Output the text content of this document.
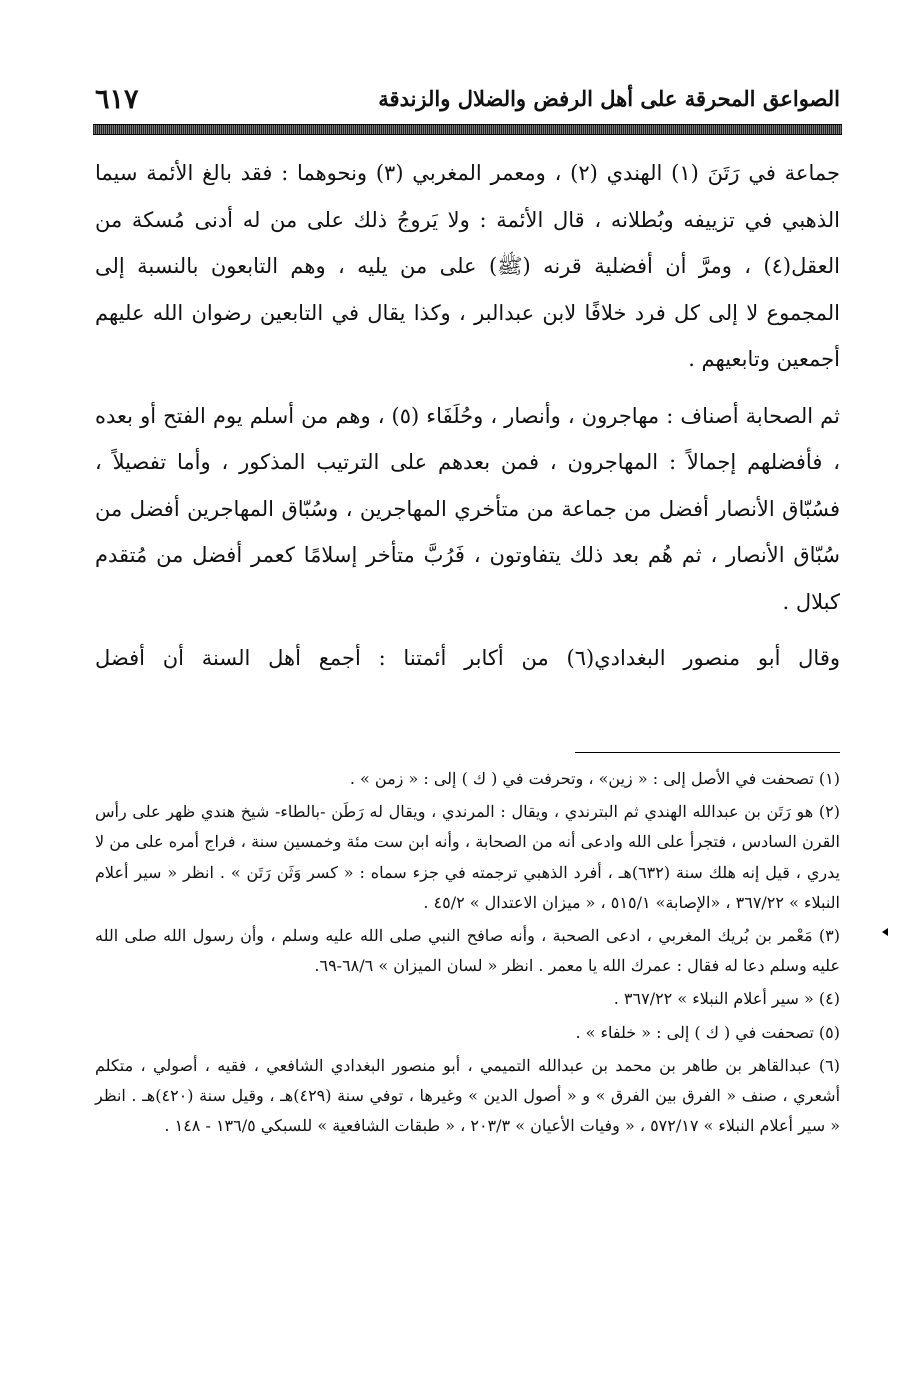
الصواعق المحرقة على أهل الرفض والضلال والزندقة
٦١٧

جماعة في رَتَنَ (١) الهندي (٢) ، ومعمر المغربي (٣) ونحوهما : فقد بالغ الأئمة سيما الذهبي في تزييفه وبُطلانه ، قال الأئمة : ولا يَروجُ ذلك على من له أدنى مُسكة من العقل(٤) ، ومرَّ أن أفضلية قرنه (ﷺ) على من يليه ، وهم التابعون بالنسبة إلى المجموع لا إلى كل فرد خلافًا لابن عبدالبر ، وكذا يقال في التابعين رضوان الله عليهم أجمعين وتابعيهم .

ثم الصحابة أصناف : مهاجرون ، وأنصار ، وحُلَفَاء (٥) ، وهم من أسلم يوم الفتح أو بعده ، فأفضلهم إجمالاً : المهاجرون ، فمن بعدهم على الترتيب المذكور ، وأما تفصيلاً ، فسُبّاق الأنصار أفضل من جماعة من متأخري المهاجرين ، وسُبّاق المهاجرين أفضل من سُبّاق الأنصار ، ثم هُم بعد ذلك يتفاوتون ، فَرُبَّ متأخر إسلامًا كعمر أفضل من مُتقدم كبلال .

وقال أبو منصور البغدادي(٦) من أكابر أئمتنا : أجمع أهل السنة أن أفضل

(١) تصحفت في الأصل إلى : « زين» ، وتحرفت في ( ك ) إلى : « زمن » .

(٢) هو رَتَن بن عبدالله الهندي ثم البترندي ، ويقال : المرندي ، ويقال له رَطَن -بالطاء- شيخ هندي ظهر على رأس القرن السادس ، فتجرأ على الله وادعى أنه من الصحابة ، وأنه ابن ست مئة وخمسين سنة ، فراج أمره على من لا يدري ، قيل إنه هلك سنة (٦٣٢)هـ ، أفرد الذهبي ترجمته في جزء سماه : « كسر وَثَن رَتَن » . انظر « سير أعلام النبلاء » ٣٦٧/٢٢ ، «الإصابة» ٥١٥/١ ، « ميزان الاعتدال » ٤٥/٢ .

(٣) مَعْمر بن بُريك المغربي ، ادعى الصحبة ، وأنه صافح النبي صلى الله عليه وسلم ، وأن رسول الله صلى الله عليه وسلم دعا له فقال : عمرك الله يا معمر . انظر « لسان الميزان » ٦٨/٦-٦٩.

(٤) « سير أعلام النبلاء » ٣٦٧/٢٢ .

(٥) تصحفت في ( ك ) إلى : « خلفاء » .

(٦) عبدالقاهر بن طاهر بن محمد بن عبدالله التميمي ، أبو منصور البغدادي الشافعي ، فقيه ، أصولي ، متكلم أشعري ، صنف « الفرق بين الفرق » و « أصول الدين » وغيرها ، توفي سنة (٤٢٩)هـ ، وقيل سنة (٤٢٠)هـ . انظر « سير أعلام النبلاء » ٥٧٢/١٧ ، « وفيات الأعيان » ٢٠٣/٣ ، « طبقات الشافعية » للسبكي ١٣٦/٥ - ١٤٨ .
